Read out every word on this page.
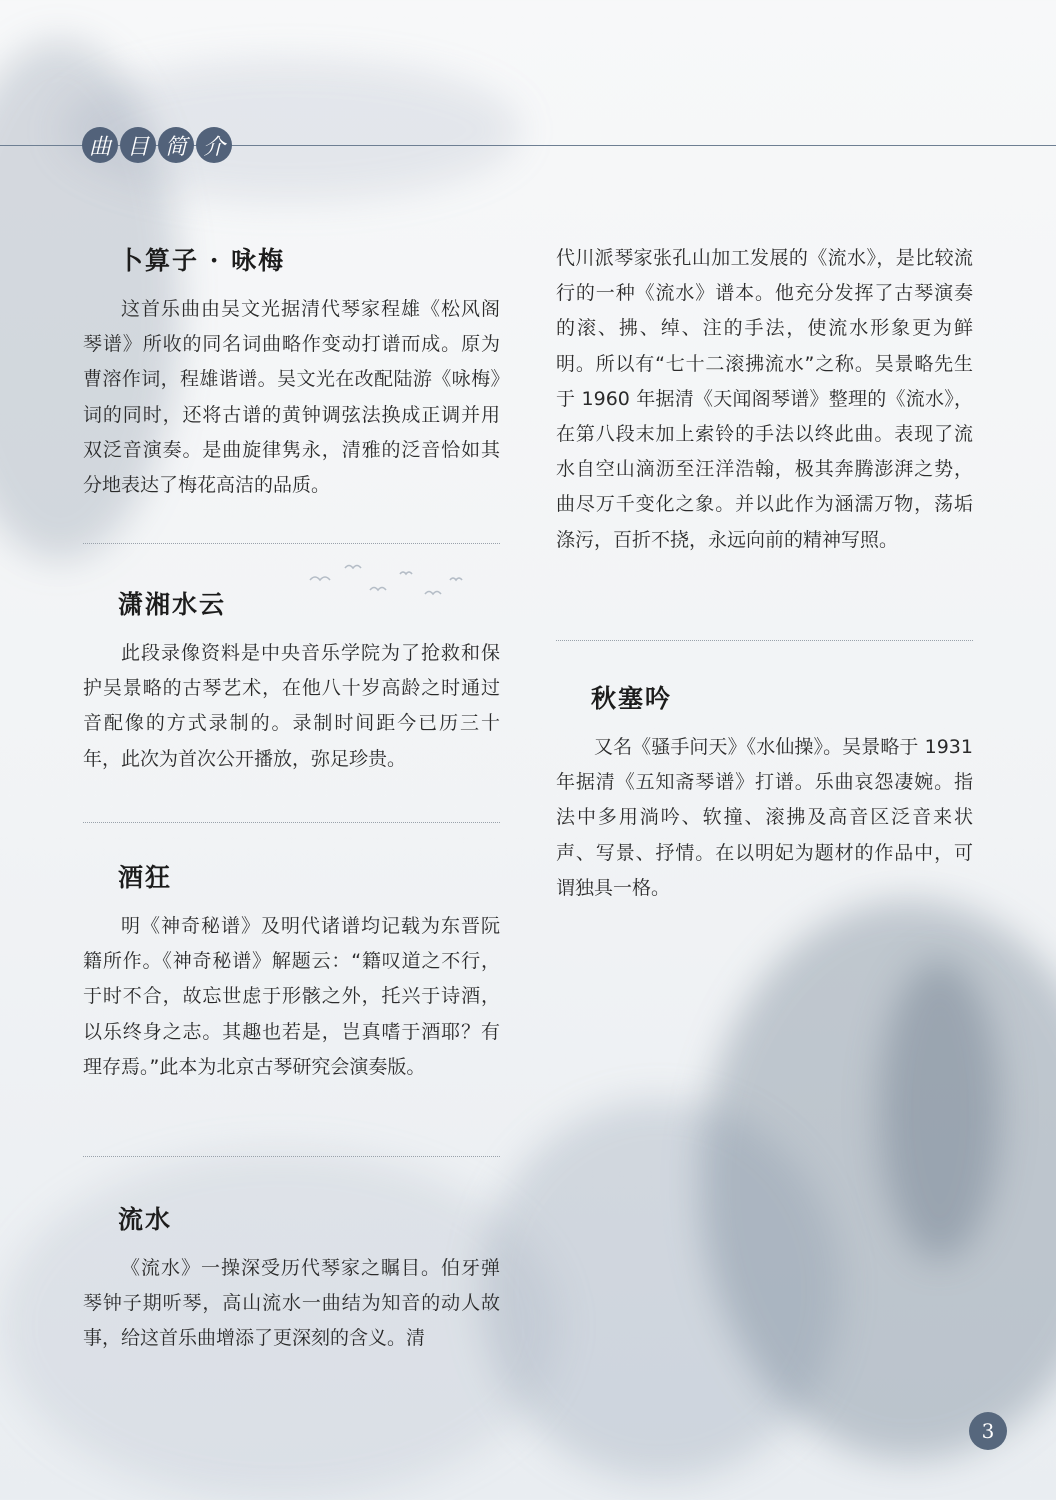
曲 目 简 介
卜算子 · 咏梅

这首乐曲由吴文光据清代琴家程雄《松风阁琴谱》所收的同名词曲略作变动打谱而成。原为曹溶作词，程雄谐谱。吴文光在改配陆游《咏梅》词的同时，还将古谱的黄钟调弦法换成正调并用双泛音演奏。是曲旋律隽永，清雅的泛音恰如其分地表达了梅花高洁的品质。

潇湘水云

此段录像资料是中央音乐学院为了抢救和保护吴景略的古琴艺术，在他八十岁高龄之时通过音配像的方式录制的。录制时间距今已历三十年，此次为首次公开播放，弥足珍贵。

酒狂

明《神奇秘谱》及明代诸谱均记载为东晋阮籍所作。《神奇秘谱》解题云：“籍叹道之不行，于时不合，故忘世虑于形骸之外，托兴于诗酒，以乐终身之志。其趣也若是，岂真嗜于酒耶？有理存焉。”此本为北京古琴研究会演奏版。

流水

《流水》一操深受历代琴家之瞩目。伯牙弹琴钟子期听琴，高山流水一曲结为知音的动人故事，给这首乐曲增添了更深刻的含义。清

代川派琴家张孔山加工发展的《流水》，是比较流行的一种《流水》谱本。他充分发挥了古琴演奏的滚、拂、绰、注的手法，使流水形象更为鲜明。所以有“七十二滚拂流水”之称。吴景略先生于 1960 年据清《天闻阁琴谱》整理的《流水》，在第八段末加上索铃的手法以终此曲。表现了流水自空山滴沥至汪洋浩翰，极其奔腾澎湃之势，曲尽万千变化之象。并以此作为涵濡万物，荡垢涤污，百折不挠，永远向前的精神写照。

秋塞吟

又名《骚手问天》《水仙操》。吴景略于 1931 年据清《五知斋琴谱》打谱。乐曲哀怨凄婉。指法中多用淌吟、软撞、滚拂及高音区泛音来状声、写景、抒情。在以明妃为题材的作品中，可谓独具一格。

3
